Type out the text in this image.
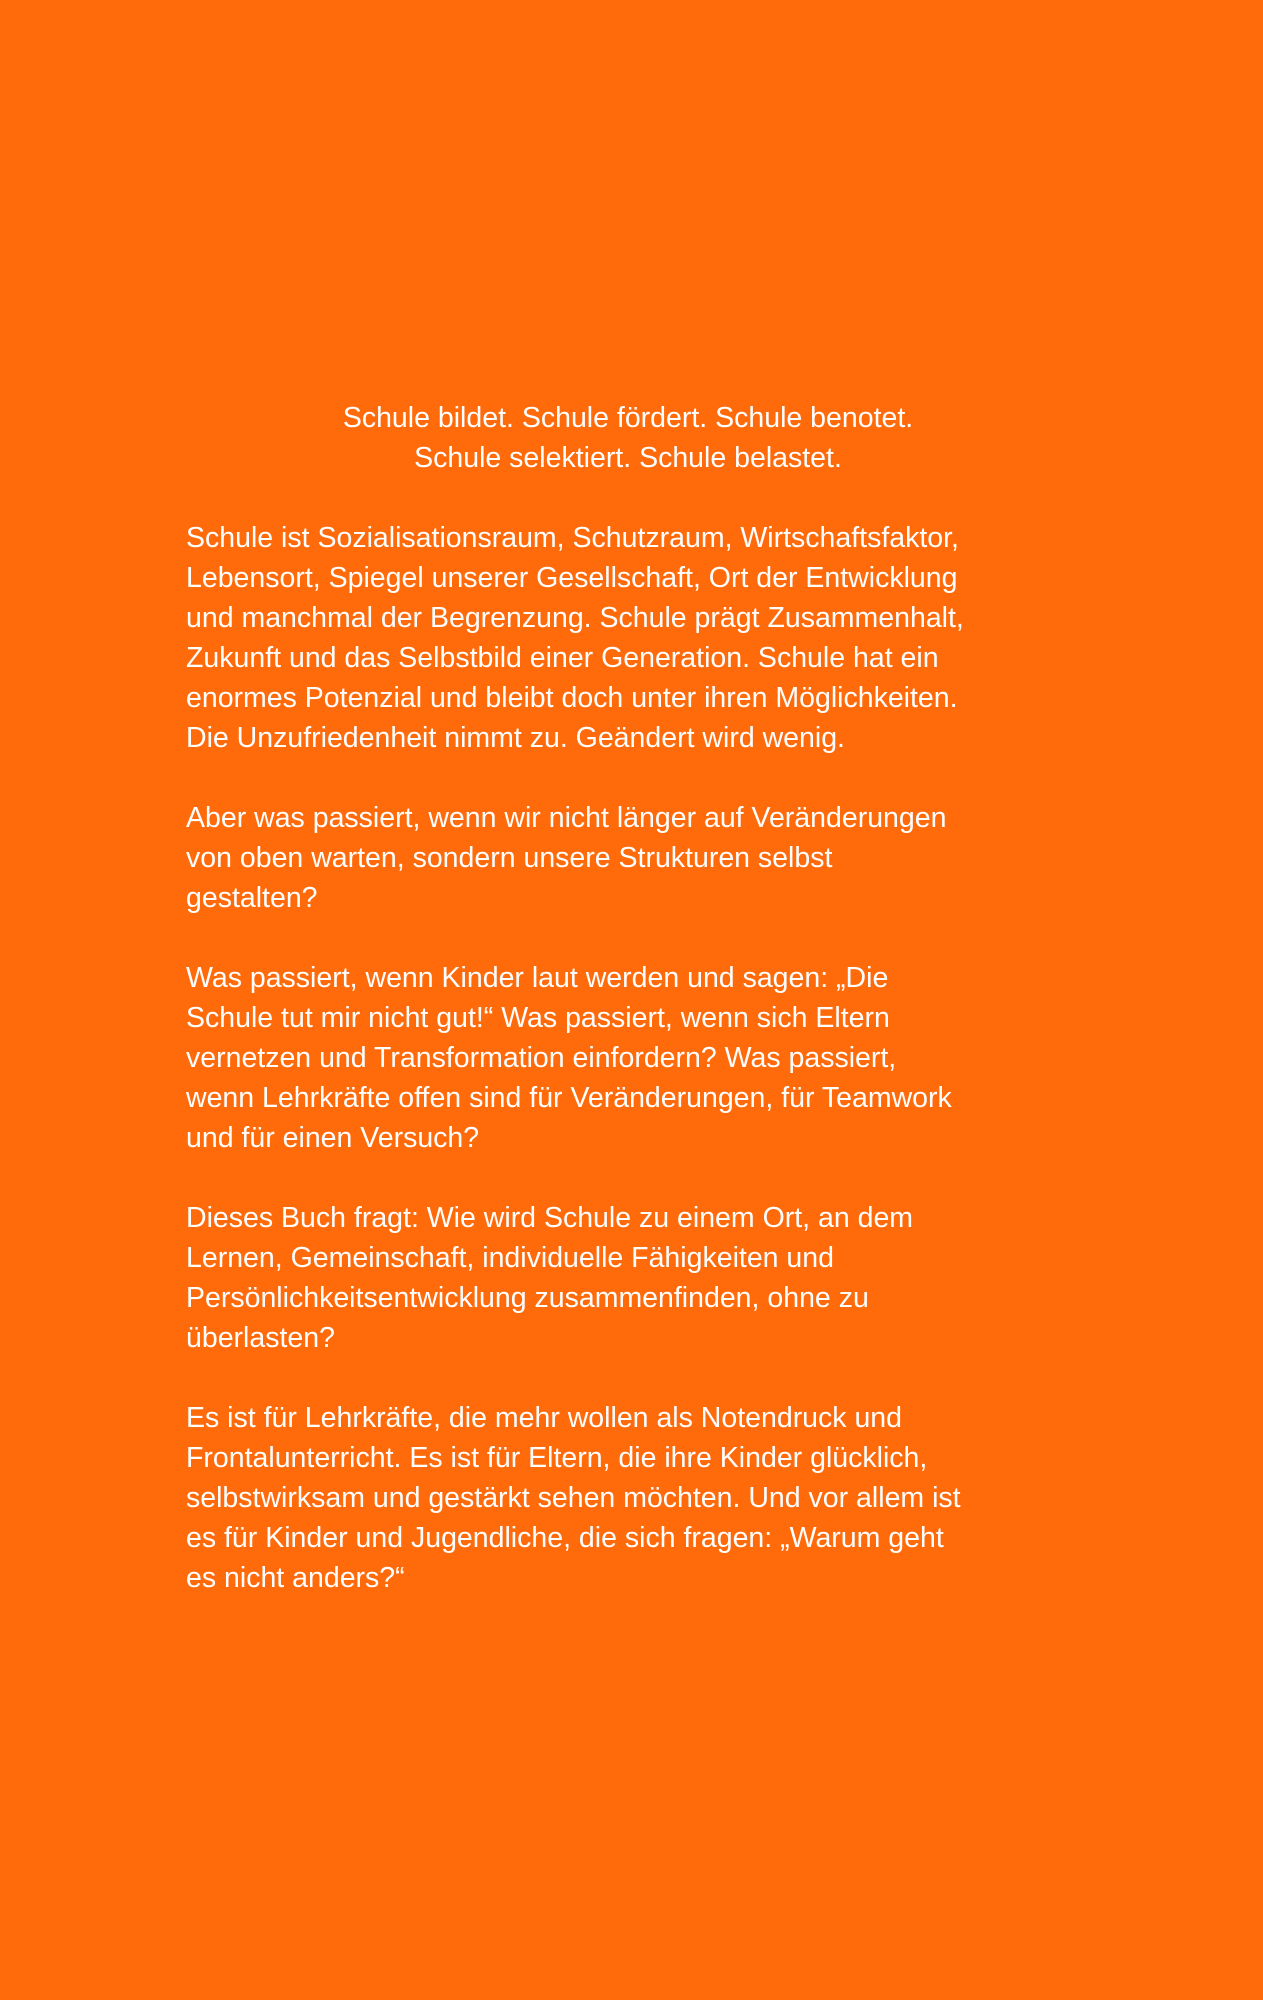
Schule bildet. Schule fördert. Schule benotet.
Schule selektiert. Schule belastet.
Schule ist Sozialisationsraum, Schutzraum, Wirtschaftsfaktor,
Lebensort, Spiegel unserer Gesellschaft, Ort der Entwicklung
und manchmal der Begrenzung. Schule prägt Zusammenhalt,
Zukunft und das Selbstbild einer Generation. Schule hat ein
enormes Potenzial und bleibt doch unter ihren Möglichkeiten.
Die Unzufriedenheit nimmt zu. Geändert wird wenig.
Aber was passiert, wenn wir nicht länger auf Veränderungen
von oben warten, sondern unsere Strukturen selbst
gestalten?
Was passiert, wenn Kinder laut werden und sagen: „Die
Schule tut mir nicht gut!“ Was passiert, wenn sich Eltern
vernetzen und Transformation einfordern? Was passiert,
wenn Lehrkräfte offen sind für Veränderungen, für Teamwork
und für einen Versuch?
Dieses Buch fragt: Wie wird Schule zu einem Ort, an dem
Lernen, Gemeinschaft, individuelle Fähigkeiten und
Persönlichkeitsentwicklung zusammenfinden, ohne zu
überlasten?
Es ist für Lehrkräfte, die mehr wollen als Notendruck und
Frontalunterricht. Es ist für Eltern, die ihre Kinder glücklich,
selbstwirksam und gestärkt sehen möchten. Und vor allem ist
es für Kinder und Jugendliche, die sich fragen: „Warum geht
es nicht anders?“
